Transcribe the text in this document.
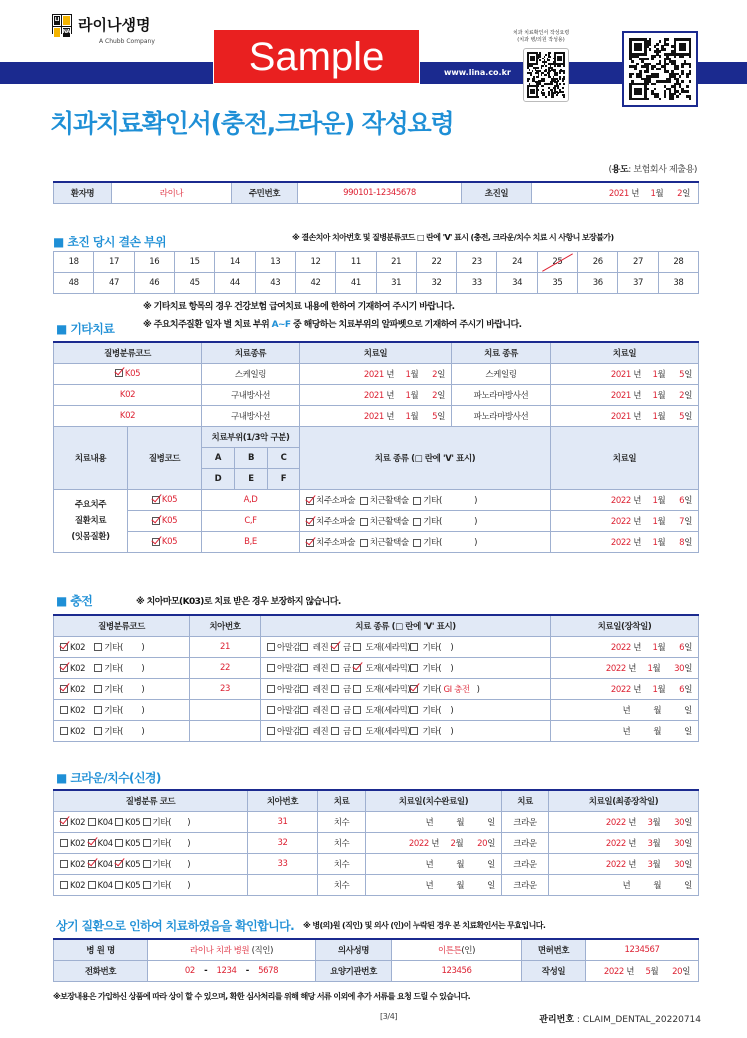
LI
NA 라이나생명
A Chubb Company	Sample	www.lina.co.kr
치과 치료확인서 작성요령
(치과 병/의원 작성용)
치과치료확인서(충전,크라운) 작성요령
(용도: 보험회사 제출용)
환자명	라이나	주민번호	990101-12345678	초진일	2021 년 1월 2일
■ 초진 당시 결손 부위	※ 결손치아 치아번호 및 질병분류코드 □ 란에 'V' 표시 (충전, 크라운/치수 치료 시 사항니 보장불가)
18	17	16	15	14	13	12	11	21	22	23	24	25	26	27	28
48	47	46	45	44	43	42	41	31	32	33	34	35	36	37	38
※ 기타치료 항목의 경우 건강보험 급여치료 내용에 한하여 기재하여 주시기 바랍니다.
※ 주요치주질환 일자 별 치료 부위 A~F 중 해당하는 치료부위의 알파벳으로 기재하여 주시기 바랍니다.
■ 기타치료
질병분류코드	치료종류	치료일	치료 종류	치료일
K05	스케일링	2021 년     1월      2일	스케일링	2021 년     1월      5일
K02	구내방사선	2021 년     1월      2일	파노라마방사선	2021 년     1월      2일
K02	구내방사선	2021 년     1월      5일	파노라마방사선	2021 년     1월      5일
치료내용	질병코드	치료부위(1/3악 구분)			치료 종류 (□ 란에 'V' 표시)	치료일
		A	B	C		
		D	E	F		
주요치주
질환치료
(잇몸질환)	K05	A,D			치주소파술 치근활택술 기타( )	2022 년     1월      6일
	K05	C,F			치주소파술 치근활택술 기타( )	2022 년     1월      7일
	K05	B,E			치주소파술 치근활택술 기타( )	2022 년     1월      8일
■ 충전	※ 치아마모(K03)로 치료 받은 경우 보장하지 않습니다.
질병분류코드	치아번호	치료 종류 (□ 란에 'V' 표시)	치료일(장착일)
K02 기타(        )	21	아말감 레진 금 도재(세라믹) 기타(    )	2022 년     1월      6일
K02 기타(        )	22	아말감 레진 금 도재(세라믹) 기타(    )	2022 년     1월      30일
K02 기타(        )	23	아말감 레진 금 도재(세라믹) 기타( GI 충전   )	2022 년     1월      6일
K02 기타(        )		아말감 레진 금 도재(세라믹) 기타(    )	년          월          일
K02 기타(        )		아말감 레진 금 도재(세라믹) 기타(    )	년          월          일
■ 크라운/치수(신경)
질병분류 코드	치아번호	치료	치료일(치수완료일)	치료	치료일(최종장착일)
K02 K04 K05 기타(       )	31	치수	년          월          일	크라운	2022 년     3월      30일
K02 K04 K05 기타(       )	32	치수	2022 년     2월      20일	크라운	2022 년     3월      30일
K02 K04 K05 기타(       )	33	치수	년          월          일	크라운	2022 년     3월      30일
K02 K04 K05 기타(       )		치수	년          월          일	크라운	년          월          일
상기 질환으로 인하여 치료하였음을 확인합니다. ※ 병(의)원 (직인) 및 의사 (인)이 누락된 경우 본 치료확인서는 무효입니다.
병 원 명	라이나 치과 병원 (직인)	의사성명	이튼튼(인)	면허번호	1234567
전화번호	02 - 1234 - 5678	요양기관번호	123456	작성일	2022 년 5월 20일
※보장내용은 가입하신 상품에 따라 상이 할 수 있으며, 확한 심사처리를 위해 해당 서류 이외에 추가 서류를 요청 드릴 수 있습니다.
[3/4]	관리번호 : CLAIM_DENTAL_20220714
